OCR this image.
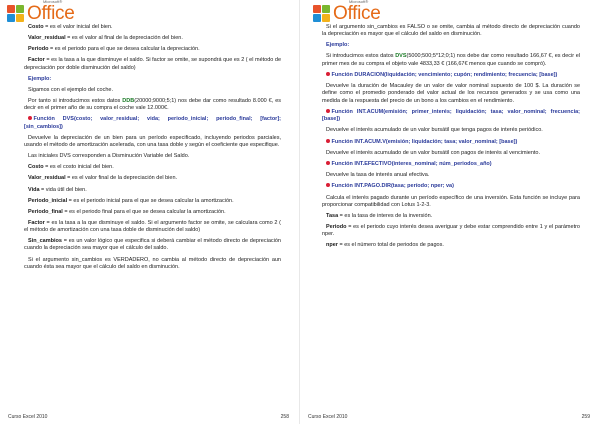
Microsoft®
Office

Costo = es el valor inicial del bien.

Valor_residual = es el valor al final de la depreciación del bien.

Periodo = es el periodo para el que se desea calcular la depreciación.

Factor = es la tasa a la que disminuye el saldo. Si factor se omite, se supondrá que es 2 ( el método de depreciación por doble disminución del saldo)

Ejemplo:

Sigamos con el ejemplo del coche.

Por tanto si introducimos estos datos DDB(20000;9000;5;1) nos debe dar como resultado 8.000 €, es decir en el primer año de su compra el coche vale 12.000€.

Función DVS(costo; valor_residual; vida; periodo_inicial; periodo_final; [factor]; [sin_cambios])

Devuelve la depreciación de un bien para un período especificado, incluyendo periodos parciales, usando el método de amortización acelerada, con una tasa doble y según el coeficiente que especifique.

Las iniciales DVS corresponden a Disminución Variable del Saldo.

Costo = es el costo inicial del bien.

Valor_residual = es el valor final de la depreciación del bien.

Vida = vida útil del bien.

Periodo_inicial = es el periodo inicial para el que se desea calcular la amortización.

Periodo_final = es el periodo final para el que se desea calcular la amortización.

Factor = es la tasa a la que disminuye el saldo. Si el argumento factor se omite, se calculara como 2 ( el método de amortización con una tasa doble de disminución del saldo)

Sin_cambios = es un valor lógico que especifica si deberá cambiar el método directo de depreciación cuando la depreciación sea mayor que el cálculo del saldo.

Si el argumento sin_cambios es VERDADERO, no cambia al método directo de depreciación aun cuando ésta sea mayor que el cálculo del saldo en disminución.

Curso Excel 2010	258
Microsoft®
Office

Si el argumento sin_cambios es FALSO o se omite, cambia al método directo de depreciación cuando la depreciación es mayor que el cálculo del saldo en disminución.

Ejemplo:

Si introducimos estos datos DVS(5000;500;5*12;0;1) nos debe dar como resultado 166,67 €, es decir el primer mes de su compra el objeto vale 4833,33 € (166,67€ menos que cuando se compró).

Función DURACION(liquidación; vencimiento; cupón; rendimiento; frecuencia; [base])

Devuelve la duración de Macauley de un valor de valor nominal supuesto de 100 $. La duración se define como el promedio ponderado del valor actual de los recursos generados y se usa como una medida de la respuesta del precio de un bono a los cambios en el rendimiento.

Función INT.ACUM(emisión; primer_interés; liquidación; tasa; valor_nominal; frecuencia; [base])

Devuelve el interés acumulado de un valor bursátil que tenga pagos de interés periódico.

Función INT.ACUM.V(emisión; liquidación; tasa; valor_nominal; [base])

Devuelve el interés acumulado de un valor bursátil con pagos de interés al vencimiento.

Función INT.EFECTIVO(interes_nominal; núm_periodos_año)

Devuelve la tasa de interés anual efectiva.

Función INT.PAGO.DIR(tasa; período; nper; va)

Calcula el interés pagado durante un período específico de una inversión. Esta función se incluye para proporcionar compatibilidad con Lotus 1-2-3.

Tasa = es la tasa de interes de la inversión.

Periodo = es el periodo cuyo interés desea averiguar y debe estar comprendido entre 1 y el parámetro nper.

nper = es el número total de periodos de pagos.

Curso Excel 2010	259
